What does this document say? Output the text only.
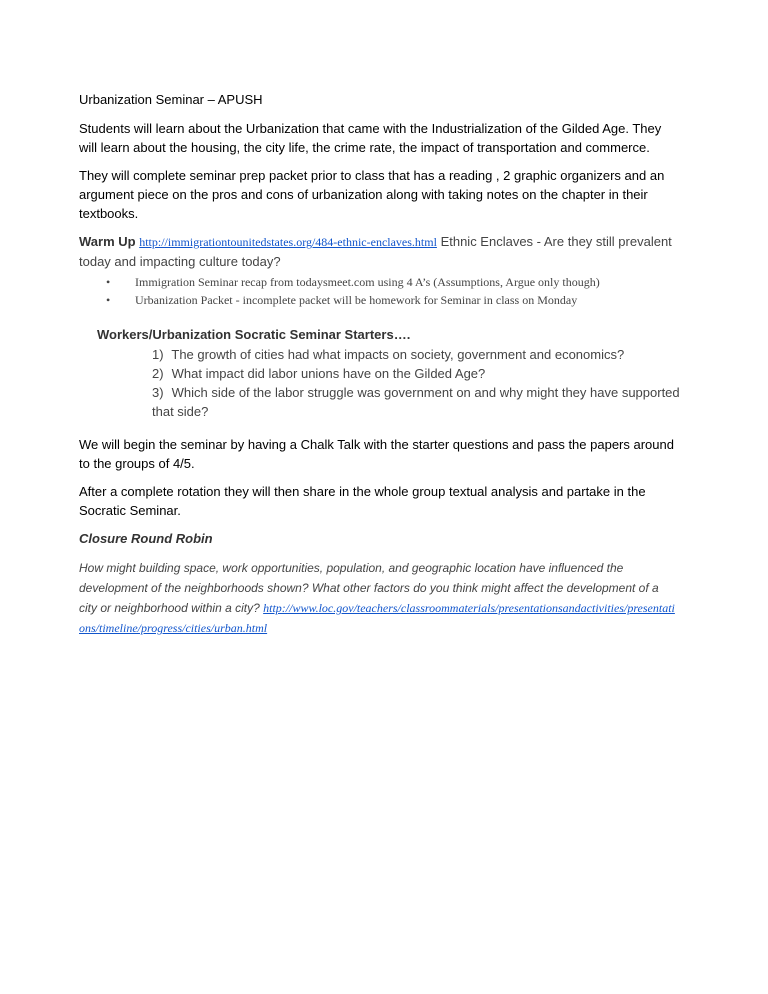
Urbanization Seminar – APUSH

Students will learn about the Urbanization that came with the Industrialization of the Gilded Age. They will learn about the housing, the city life, the crime rate, the impact of transportation and commerce.

They will complete seminar prep packet prior to class that has a reading , 2 graphic organizers and an argument piece on the pros and cons of urbanization along with taking notes on the chapter in their textbooks.

Warm Up http://immigrationtounitedstates.org/484-ethnic-enclaves.html Ethnic Enclaves - Are they still prevalent today and impacting culture today?
• Immigration Seminar recap from todaysmeet.com using 4 A’s (Assumptions, Argue only though)
• Urbanization Packet - incomplete packet will be homework for Seminar in class on Monday
Workers/Urbanization Socratic Seminar Starters….
1) The growth of cities had what impacts on society, government and economics?
2) What impact did labor unions have on the Gilded Age?
3) Which side of the labor struggle was government on and why might they have supported that side?

We will begin the seminar by having a Chalk Talk with the starter questions and pass the papers around to the groups of 4/5.

After a complete rotation they will then share in the whole group textual analysis and partake in the Socratic Seminar.

Closure Round Robin

How might building space, work opportunities, population, and geographic location have influenced the development of the neighborhoods shown? What other factors do you think might affect the development of a city or neighborhood within a city? http://www.loc.gov/teachers/classroommaterials/presentationsandactivities/presentations/timeline/progress/cities/urban.html
